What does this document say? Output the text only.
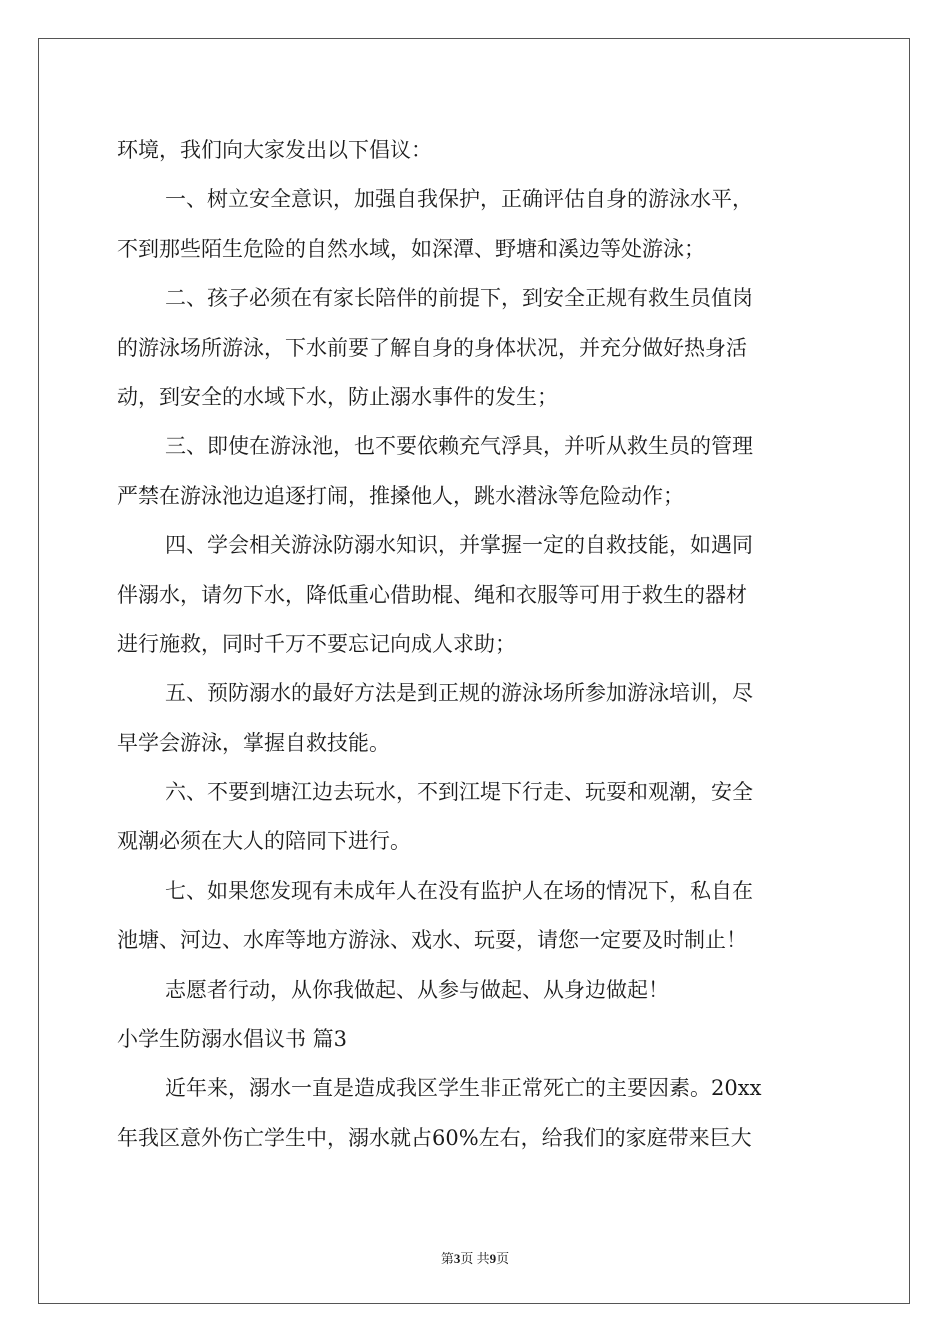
环境，我们向大家发出以下倡议：
一、树立安全意识，加强自我保护，正确评估自身的游泳水平，
不到那些陌生危险的自然水域，如深潭、野塘和溪边等处游泳；
二、孩子必须在有家长陪伴的前提下，到安全正规有救生员值岗
的游泳场所游泳，下水前要了解自身的身体状况，并充分做好热身活
动，到安全的水域下水，防止溺水事件的发生；
三、即使在游泳池，也不要依赖充气浮具，并听从救生员的管理
严禁在游泳池边追逐打闹，推搡他人，跳水潜泳等危险动作；
四、学会相关游泳防溺水知识，并掌握一定的自救技能，如遇同
伴溺水，请勿下水，降低重心借助棍、绳和衣服等可用于救生的器材
进行施救，同时千万不要忘记向成人求助；
五、预防溺水的最好方法是到正规的游泳场所参加游泳培训，尽
早学会游泳，掌握自救技能。
六、不要到塘江边去玩水，不到江堤下行走、玩耍和观潮，安全
观潮必须在大人的陪同下进行。
七、如果您发现有未成年人在没有监护人在场的情况下，私自在
池塘、河边、水库等地方游泳、戏水、玩耍，请您一定要及时制止！
志愿者行动，从你我做起、从参与做起、从身边做起！
小学生防溺水倡议书 篇3
近年来，溺水一直是造成我区学生非正常死亡的主要因素。20xx
年我区意外伤亡学生中，溺水就占60%左右，给我们的家庭带来巨大
第3页 共9页
